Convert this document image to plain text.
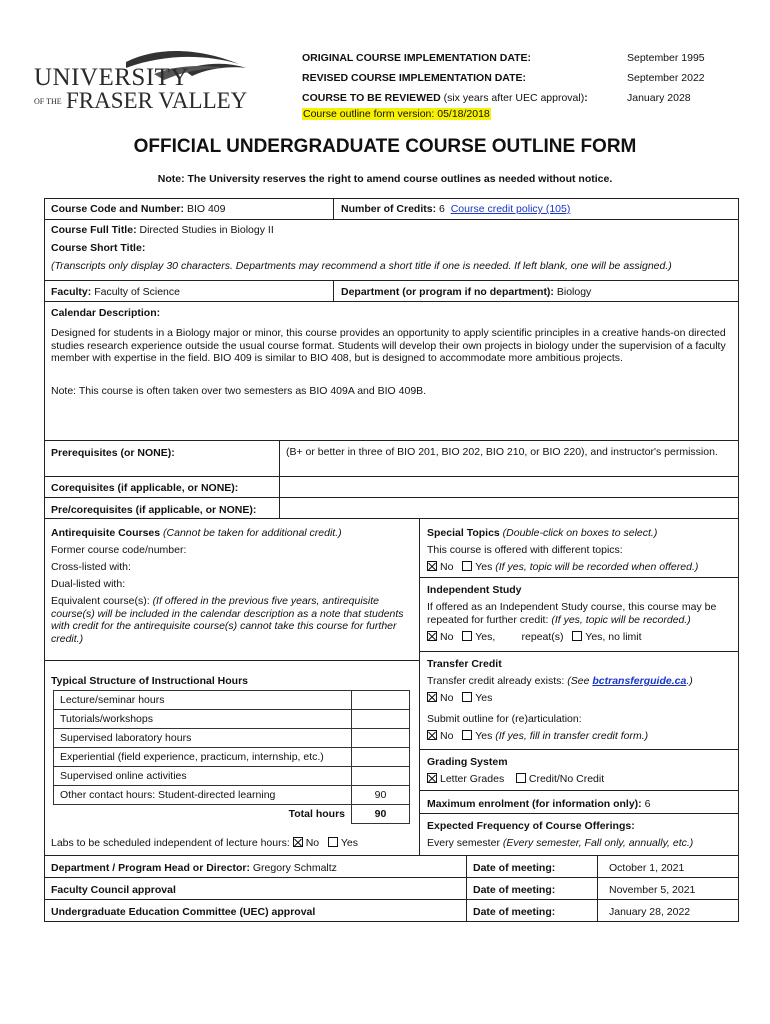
UNIVERSITY
OF THE FRASER VALLEY
ORIGINAL COURSE IMPLEMENTATION DATE:	September 1995
REVISED COURSE IMPLEMENTATION DATE:	September 2022
COURSE TO BE REVIEWED (six years after UEC approval):	January 2028
Course outline form version: 05/18/2018
OFFICIAL UNDERGRADUATE COURSE OUTLINE FORM
Note: The University reserves the right to amend course outlines as needed without notice.
Course Code and Number: BIO 409	Number of Credits: 6 Course credit policy (105)
Course Full Title: Directed Studies in Biology II
Course Short Title:
(Transcripts only display 30 characters. Departments may recommend a short title if one is needed. If left blank, one will be assigned.)
Faculty: Faculty of Science	Department (or program if no department): Biology
Calendar Description:
Designed for students in a Biology major or minor, this course provides an opportunity to apply scientific principles in a creative hands-on directed studies research experience outside the usual course format. Students will develop their own projects in biology under the supervision of a faculty member with expertise in the field. BIO 409 is similar to BIO 408, but is designed to accommodate more ambitious projects.
Note: This course is often taken over two semesters as BIO 409A and BIO 409B.
Prerequisites (or NONE):	(B+ or better in three of BIO 201, BIO 202, BIO 210, or BIO 220), and instructor's permission.
Corequisites (if applicable, or NONE):
Pre/corequisites (if applicable, or NONE):
Antirequisite Courses (Cannot be taken for additional credit.)
Former course code/number:
Cross-listed with:
Dual-listed with:
Equivalent course(s): (If offered in the previous five years, antirequisite course(s) will be included in the calendar description as a note that students with credit for the antirequisite course(s) cannot take this course for further credit.)
Typical Structure of Instructional Hours
Lecture/seminar hours	
Tutorials/workshops	
Supervised laboratory hours	
Experiential (field experience, practicum, internship, etc.)	
Supervised online activities	
Other contact hours: Student-directed learning	90
Total hours	90
Labs to be scheduled independent of lecture hours: No Yes
Special Topics (Double-click on boxes to select.)
This course is offered with different topics:
No Yes (If yes, topic will be recorded when offered.)
Independent Study
If offered as an Independent Study course, this course may be repeated for further credit: (If yes, topic will be recorded.)
No Yes,	repeat(s) Yes, no limit
Transfer Credit
Transfer credit already exists: (See bctransferguide.ca.)
No Yes
Submit outline for (re)articulation:
No Yes (If yes, fill in transfer credit form.)
Grading System
Letter Grades Credit/No Credit
Maximum enrolment (for information only): 6
Expected Frequency of Course Offerings:
Every semester (Every semester, Fall only, annually, etc.)
Department / Program Head or Director: Gregory Schmaltz	Date of meeting:	October 1, 2021
Faculty Council approval	Date of meeting:	November 5, 2021
Undergraduate Education Committee (UEC) approval	Date of meeting:	January 28, 2022
